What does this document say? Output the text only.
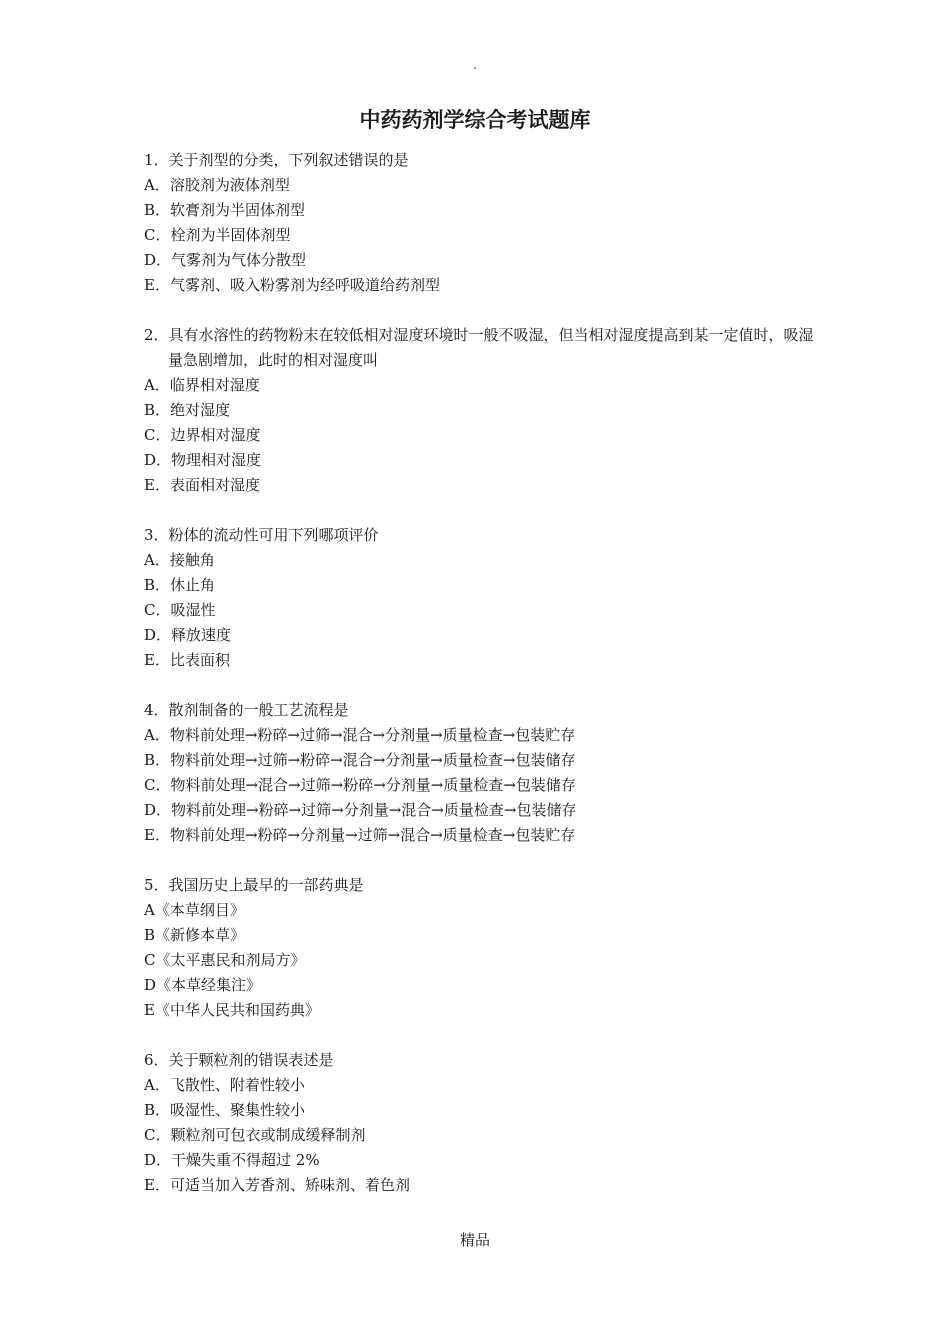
.
中药药剂学综合考试题库
1．关于剂型的分类，下列叙述错误的是
A．溶胶剂为液体剂型
B．软膏剂为半固体剂型
C．栓剂为半固体剂型
D．气雾剂为气体分散型
E．气雾剂、吸入粉雾剂为经呼吸道给药剂型
2．具有水溶性的药物粉末在较低相对湿度环境时一般不吸湿，但当相对湿度提高到某一定值时，吸湿量急剧增加，此时的相对湿度叫
A．临界相对湿度
B．绝对湿度
C．边界相对湿度
D．物理相对湿度
E．表面相对湿度
3．粉体的流动性可用下列哪项评价
A．接触角
B．休止角
C．吸湿性
D．释放速度
E．比表面积
4．散剂制备的一般工艺流程是
A．物料前处理→粉碎→过筛→混合→分剂量→质量检查→包装贮存
B．物料前处理→过筛→粉碎→混合→分剂量→质量检查→包装储存
C．物料前处理→混合→过筛→粉碎→分剂量→质量检查→包装储存
D．物料前处理→粉碎→过筛→分剂量→混合→质量检查→包装储存
E．物料前处理→粉碎→分剂量→过筛→混合→质量检查→包装贮存
5．我国历史上最早的一部药典是
A《本草纲目》
B《新修本草》
C《太平惠民和剂局方》
D《本草经集注》
E《中华人民共和国药典》
6．关于颗粒剂的错误表述是
A．飞散性、附着性较小
B．吸湿性、聚集性较小
C．颗粒剂可包衣或制成缓释制剂
D．干燥失重不得超过 2%
E．可适当加入芳香剂、矫味剂、着色剂
精品
